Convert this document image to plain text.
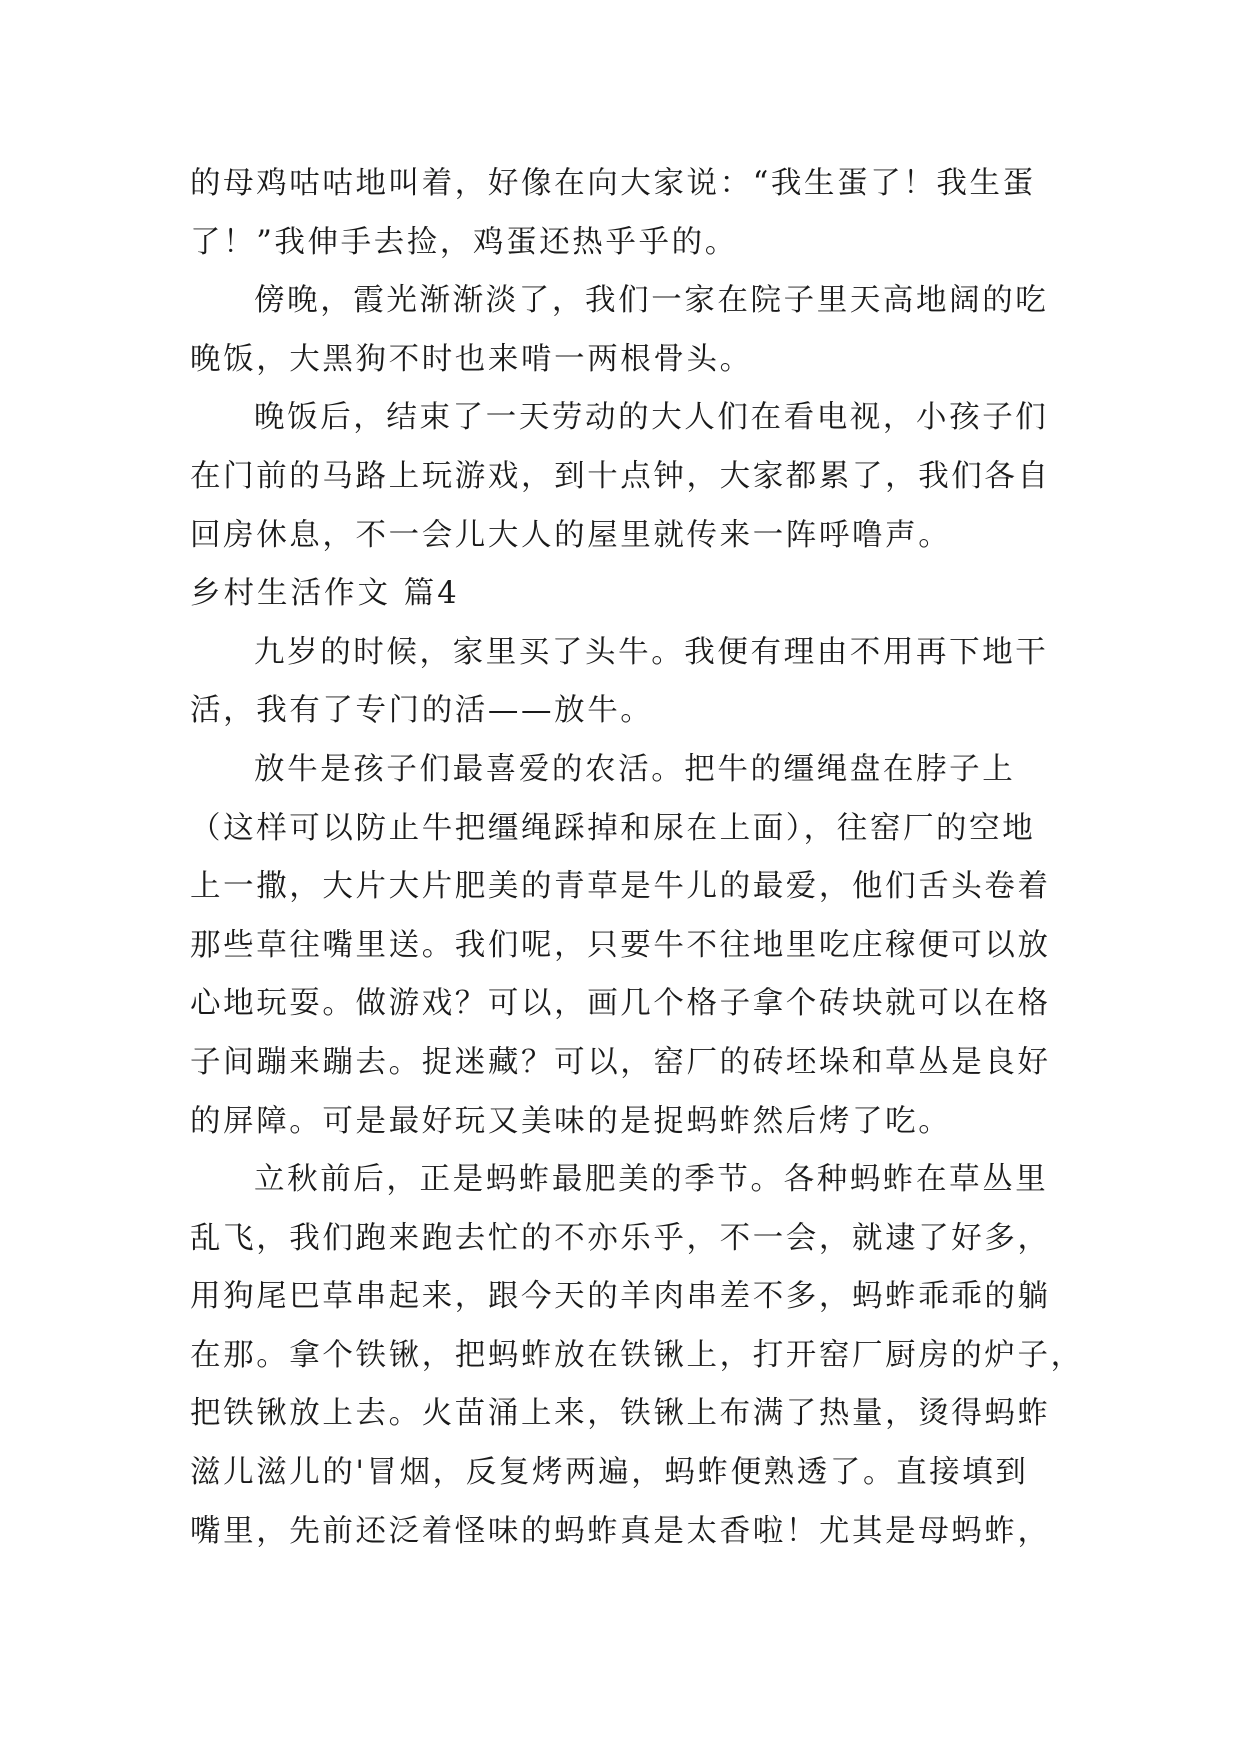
的母鸡咕咕地叫着，好像在向大家说：“我生蛋了！我生蛋
了！”我伸手去捡，鸡蛋还热乎乎的。
傍晚，霞光渐渐淡了，我们一家在院子里天高地阔的吃
晚饭，大黑狗不时也来啃一两根骨头。
晚饭后，结束了一天劳动的大人们在看电视，小孩子们
在门前的马路上玩游戏，到十点钟，大家都累了，我们各自
回房休息，不一会儿大人的屋里就传来一阵呼噜声。
乡村生活作文 篇4
九岁的时候，家里买了头牛。我便有理由不用再下地干
活，我有了专门的活——放牛。
放牛是孩子们最喜爱的农活。把牛的缰绳盘在脖子上
（这样可以防止牛把缰绳踩掉和尿在上面），往窑厂的空地
上一撒，大片大片肥美的青草是牛儿的最爱，他们舌头卷着
那些草往嘴里送。我们呢，只要牛不往地里吃庄稼便可以放
心地玩耍。做游戏？可以，画几个格子拿个砖块就可以在格
子间蹦来蹦去。捉迷藏？可以，窑厂的砖坯垛和草丛是良好
的屏障。可是最好玩又美味的是捉蚂蚱然后烤了吃。
立秋前后，正是蚂蚱最肥美的季节。各种蚂蚱在草丛里
乱飞，我们跑来跑去忙的不亦乐乎，不一会，就逮了好多，
用狗尾巴草串起来，跟今天的羊肉串差不多，蚂蚱乖乖的躺
在那。拿个铁锹，把蚂蚱放在铁锹上，打开窑厂厨房的炉子，
把铁锹放上去。火苗涌上来，铁锹上布满了热量，烫得蚂蚱
滋儿滋儿的'冒烟，反复烤两遍，蚂蚱便熟透了。直接填到
嘴里，先前还泛着怪味的蚂蚱真是太香啦！尤其是母蚂蚱，
